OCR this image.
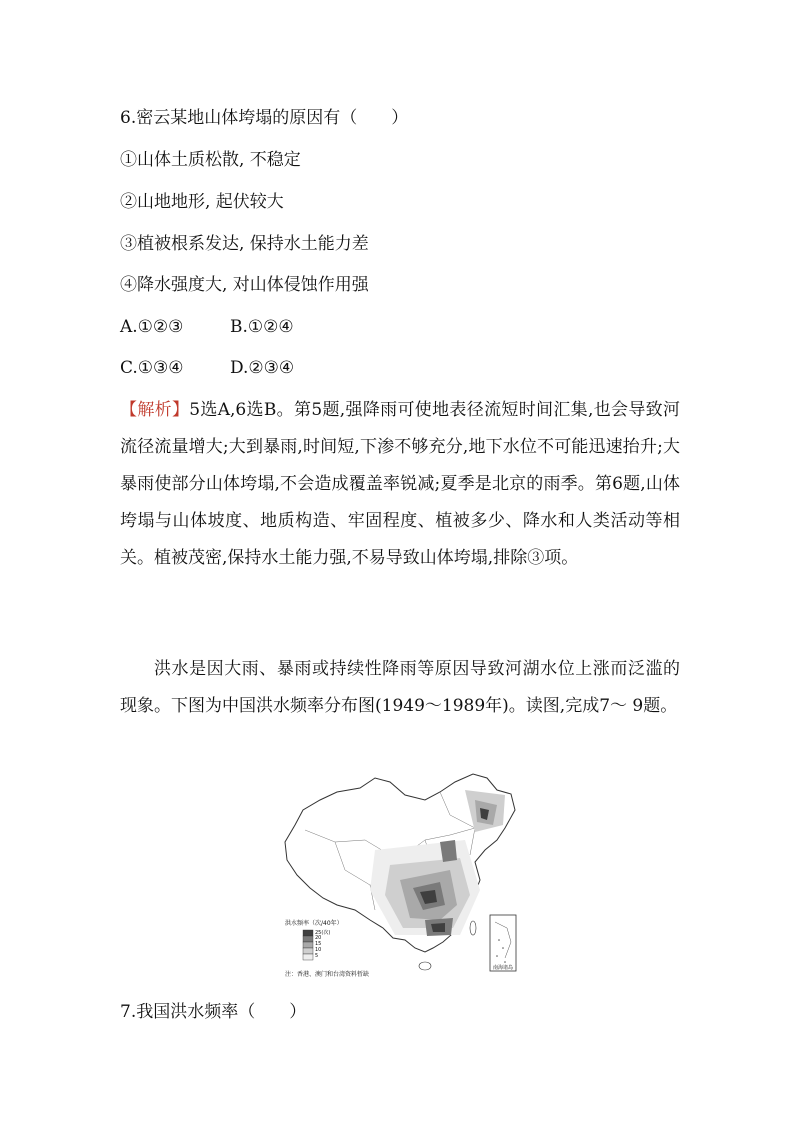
6.密云某地山体垮塌的原因有（　　）
①山体土质松散, 不稳定
②山地地形, 起伏较大
③植被根系发达, 保持水土能力差
④降水强度大, 对山体侵蚀作用强
A.①②③	B.①②④
C.①③④	D.②③④
【解析】5选A,6选B。第5题,强降雨可使地表径流短时间汇集,也会导致河流径流量增大;大到暴雨,时间短,下渗不够充分,地下水位不可能迅速抬升;大暴雨使部分山体垮塌,不会造成覆盖率锐减;夏季是北京的雨季。第6题,山体垮塌与山体坡度、地质构造、牢固程度、植被多少、降水和人类活动等相关。植被茂密,保持水土能力强,不易导致山体垮塌,排除③项。
洪水是因大雨、暴雨或持续性降雨等原因导致河湖水位上涨而泛滥的现象。下图为中国洪水频率分布图(1949～1989年)。读图,完成7～ 9题。
洪水频率（次/40年）
25(次)
20
15
10
5
注：香港、澳门和台湾资料暂缺
南海诸岛
7.我国洪水频率（　　）
